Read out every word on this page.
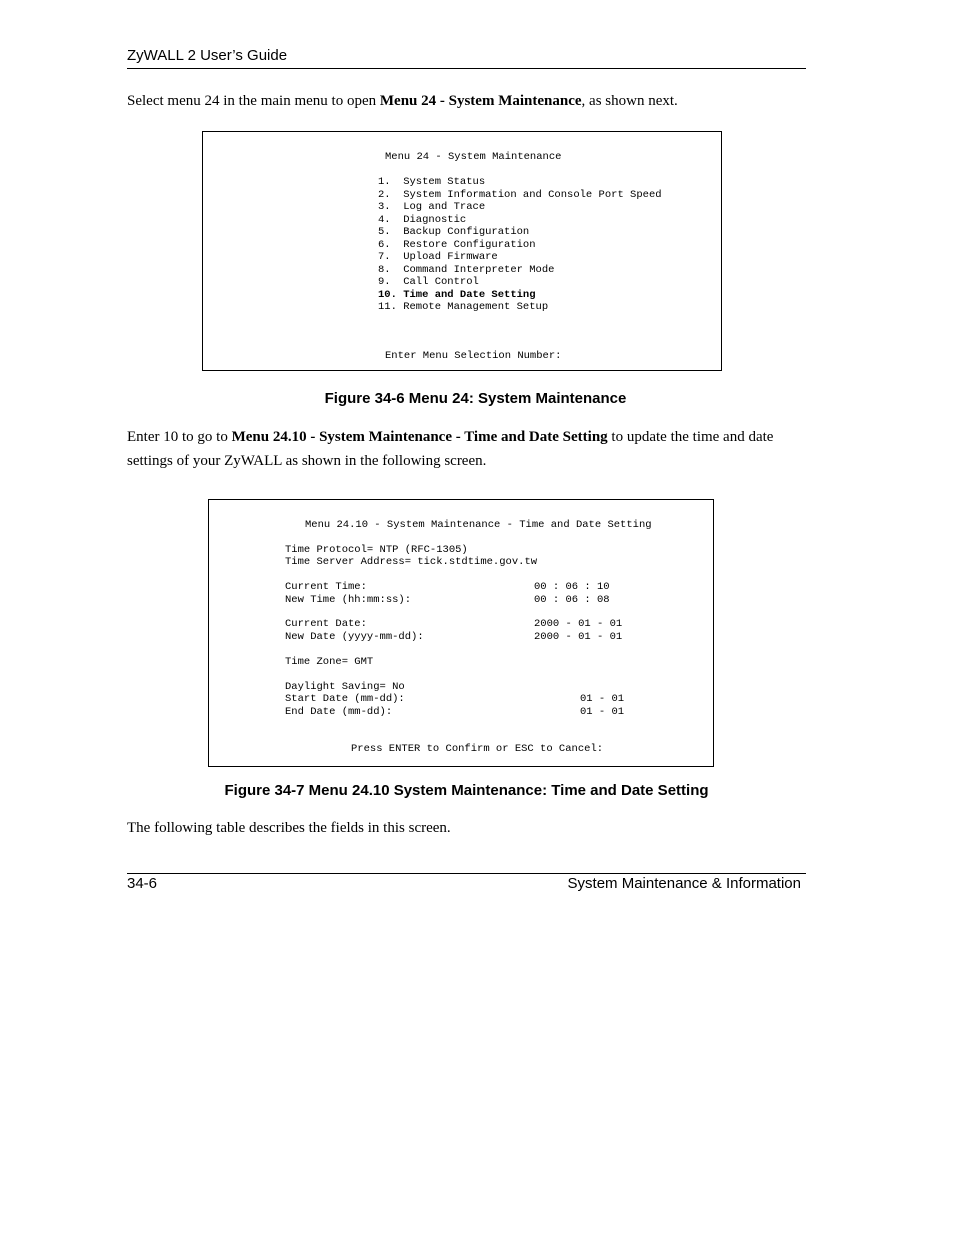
ZyWALL 2 User’s Guide
Select menu 24 in the main menu to open Menu 24 - System Maintenance, as shown next.
Menu 24 - System Maintenance
1.  System Status
2.  System Information and Console Port Speed
3.  Log and Trace
4.  Diagnostic
5.  Backup Configuration
6.  Restore Configuration
7.  Upload Firmware
8.  Command Interpreter Mode
9.  Call Control
10. Time and Date Setting
11. Remote Management Setup
Enter Menu Selection Number:
Figure 34-6 Menu 24: System Maintenance
Enter 10 to go to Menu 24.10 - System Maintenance - Time and Date Setting to update the time and date settings of your ZyWALL as shown in the following screen.
Menu 24.10 - System Maintenance - Time and Date Setting
Time Protocol= NTP (RFC-1305)
Time Server Address= tick.stdtime.gov.tw
Current Time:	00 : 06 : 10
New Time (hh:mm:ss):	00 : 06 : 08
Current Date:	2000 - 01 - 01
New Date (yyyy-mm-dd):	2000 - 01 - 01
Time Zone= GMT
Daylight Saving= No
Start Date (mm-dd):	01 - 01
End Date (mm-dd):	01 - 01
Press ENTER to Confirm or ESC to Cancel:
Figure 34-7 Menu 24.10 System Maintenance: Time and Date Setting
The following table describes the fields in this screen.
34-6	System Maintenance & Information
